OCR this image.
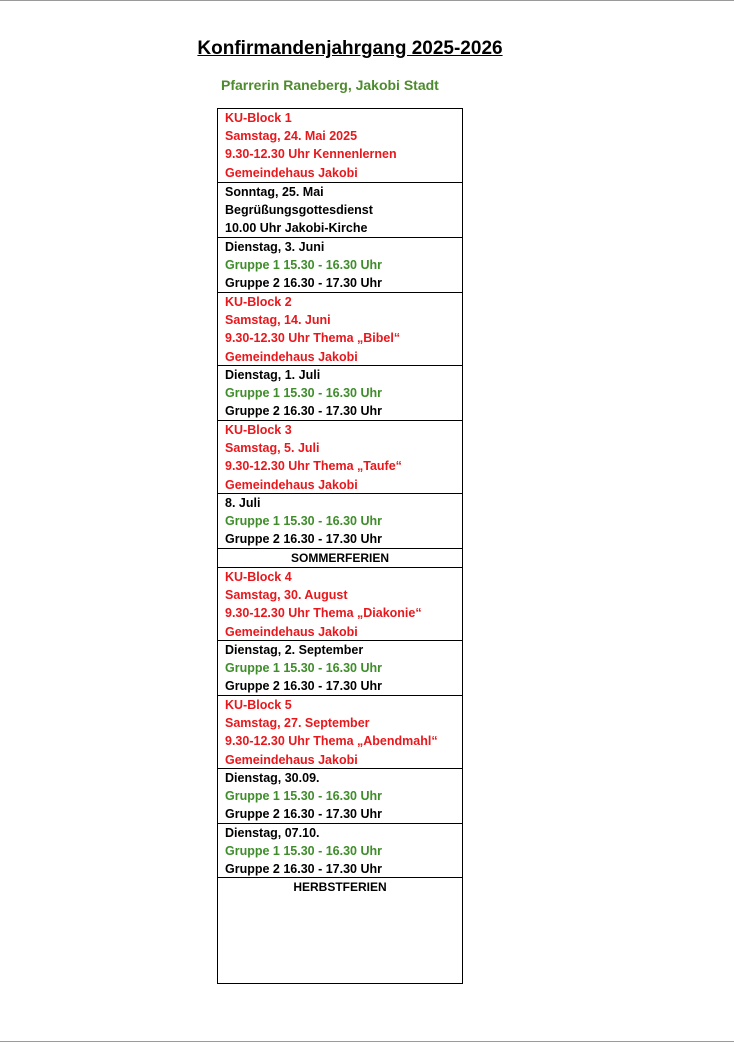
Konfirmandenjahrgang 2025-2026
Pfarrerin Raneberg, Jakobi Stadt
KU-Block 1
Samstag, 24. Mai 2025
9.30-12.30 Uhr Kennenlernen
Gemeindehaus Jakobi
Sonntag, 25. Mai
Begrüßungsgottesdienst
10.00 Uhr Jakobi-Kirche
Dienstag, 3. Juni
Gruppe 1 15.30 - 16.30 Uhr
Gruppe 2 16.30 - 17.30 Uhr
KU-Block 2
Samstag, 14. Juni
9.30-12.30 Uhr Thema „Bibel“
Gemeindehaus Jakobi
Dienstag, 1. Juli
Gruppe 1 15.30 - 16.30 Uhr
Gruppe 2 16.30 - 17.30 Uhr
KU-Block 3
Samstag, 5. Juli
9.30-12.30 Uhr Thema „Taufe“
Gemeindehaus Jakobi
8. Juli
Gruppe 1 15.30 - 16.30 Uhr
Gruppe 2 16.30 - 17.30 Uhr
SOMMERFERIEN
KU-Block 4
Samstag, 30. August
9.30-12.30 Uhr Thema „Diakonie“
Gemeindehaus Jakobi
Dienstag, 2. September
Gruppe 1 15.30 - 16.30 Uhr
Gruppe 2 16.30 - 17.30 Uhr
KU-Block 5
Samstag, 27. September
9.30-12.30 Uhr Thema „Abendmahl“
Gemeindehaus Jakobi
Dienstag, 30.09.
Gruppe 1 15.30 - 16.30 Uhr
Gruppe 2 16.30 - 17.30 Uhr
Dienstag, 07.10.
Gruppe 1 15.30 - 16.30 Uhr
Gruppe 2 16.30 - 17.30 Uhr
HERBSTFERIEN
